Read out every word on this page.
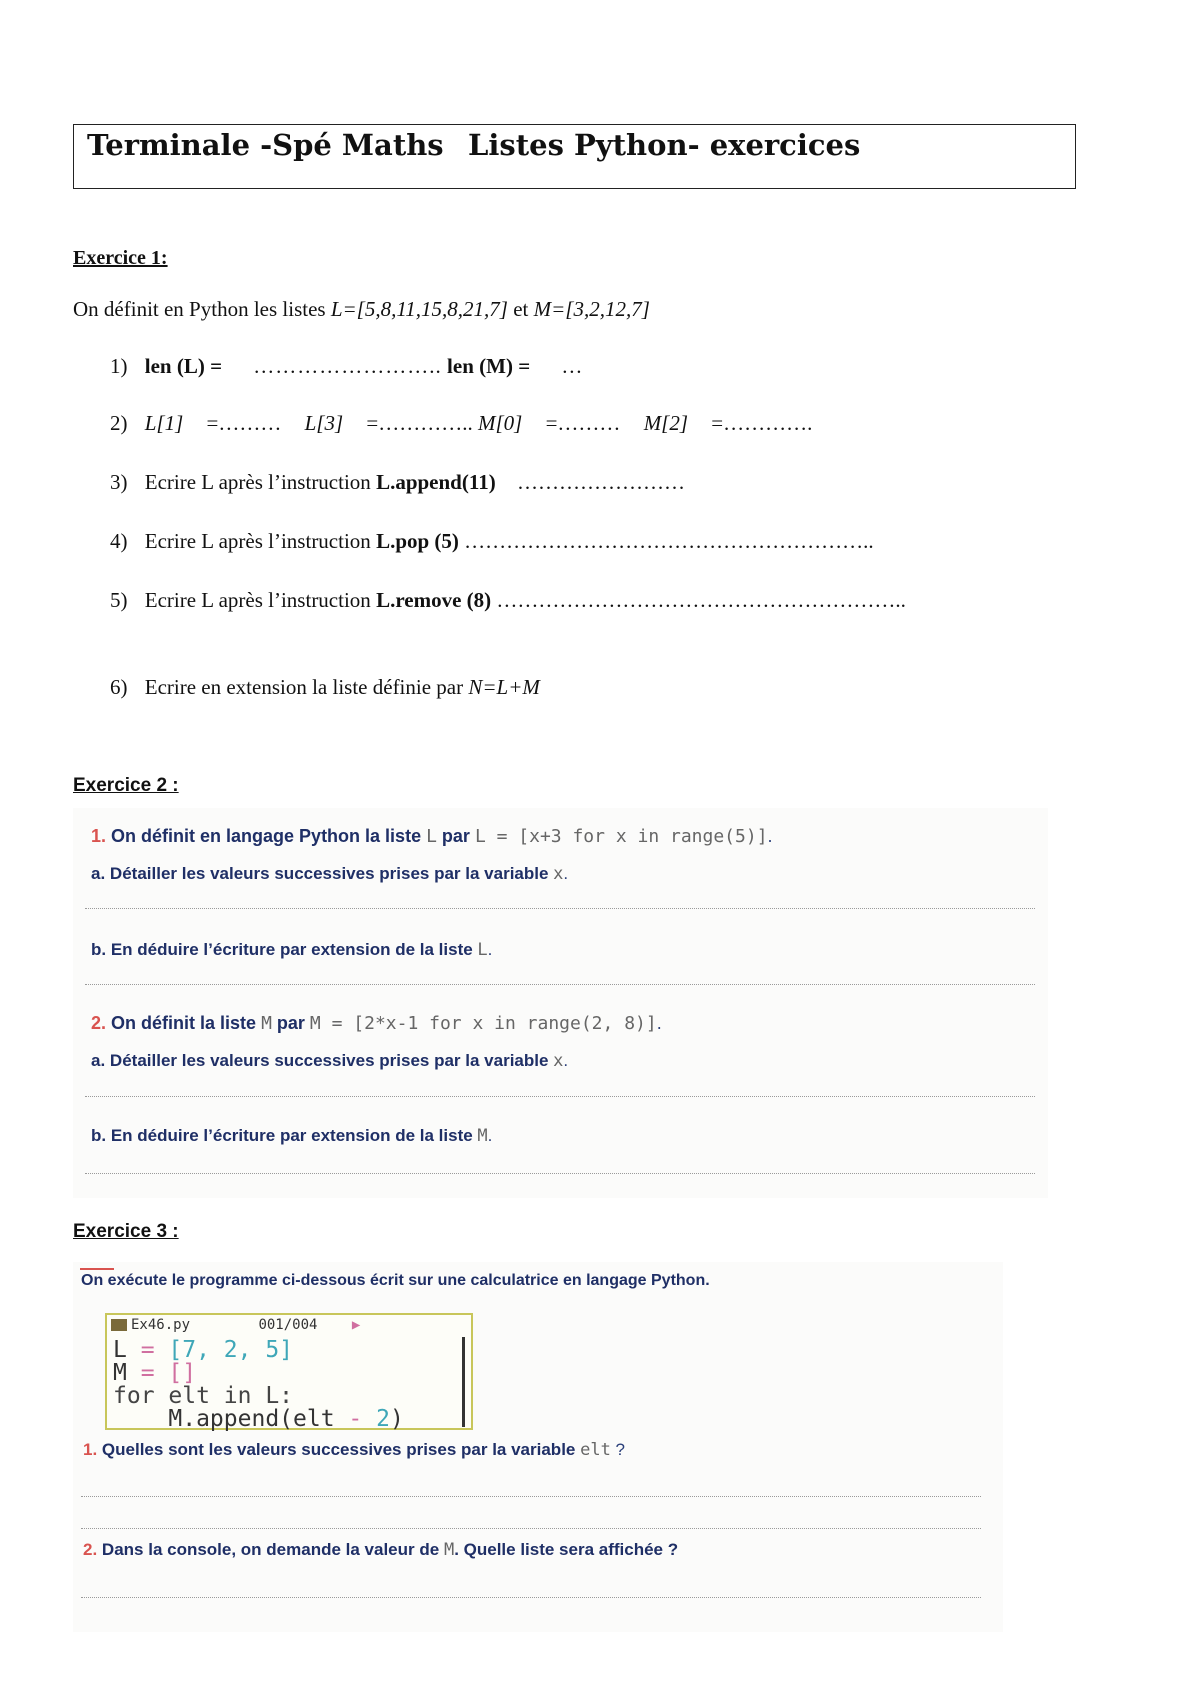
Terminale -Spé Maths Listes Python- exercices
Exercice 1:
On définit en Python les listes L=[5,8,11,15,8,21,7] et M=[3,2,12,7]
1) len (L) = …………………….. len (M) = …
2) L[1] =……… L[3] =………….. M[0] =……… M[2] =………….
3) Ecrire L après l’instruction L.append(11) ……………………
4) Ecrire L après l’instruction L.pop (5) …………………………………………………..
5) Ecrire L après l’instruction L.remove (8) …………………………………………………..
6) Ecrire en extension la liste définie par N=L+M
Exercice 2 :
1. On définit en langage Python la liste L par L = [x+3 for x in range(5)].
a. Détailler les valeurs successives prises par la variable x.
b. En déduire l’écriture par extension de la liste L.
2. On définit la liste M par M = [2*x-1 for x in range(2, 8)].
a. Détailler les valeurs successives prises par la variable x.
b. En déduire l’écriture par extension de la liste M.
Exercice 3 :
On exécute le programme ci-dessous écrit sur une calculatrice en langage Python.
1. Quelles sont les valeurs successives prises par la variable elt ?
2. Dans la console, on demande la valeur de M. Quelle liste sera affichée ?
Ex46.py	001/004 ▶
L = [7, 2, 5]
M = []
for elt in L:
M.append(elt - 2)
